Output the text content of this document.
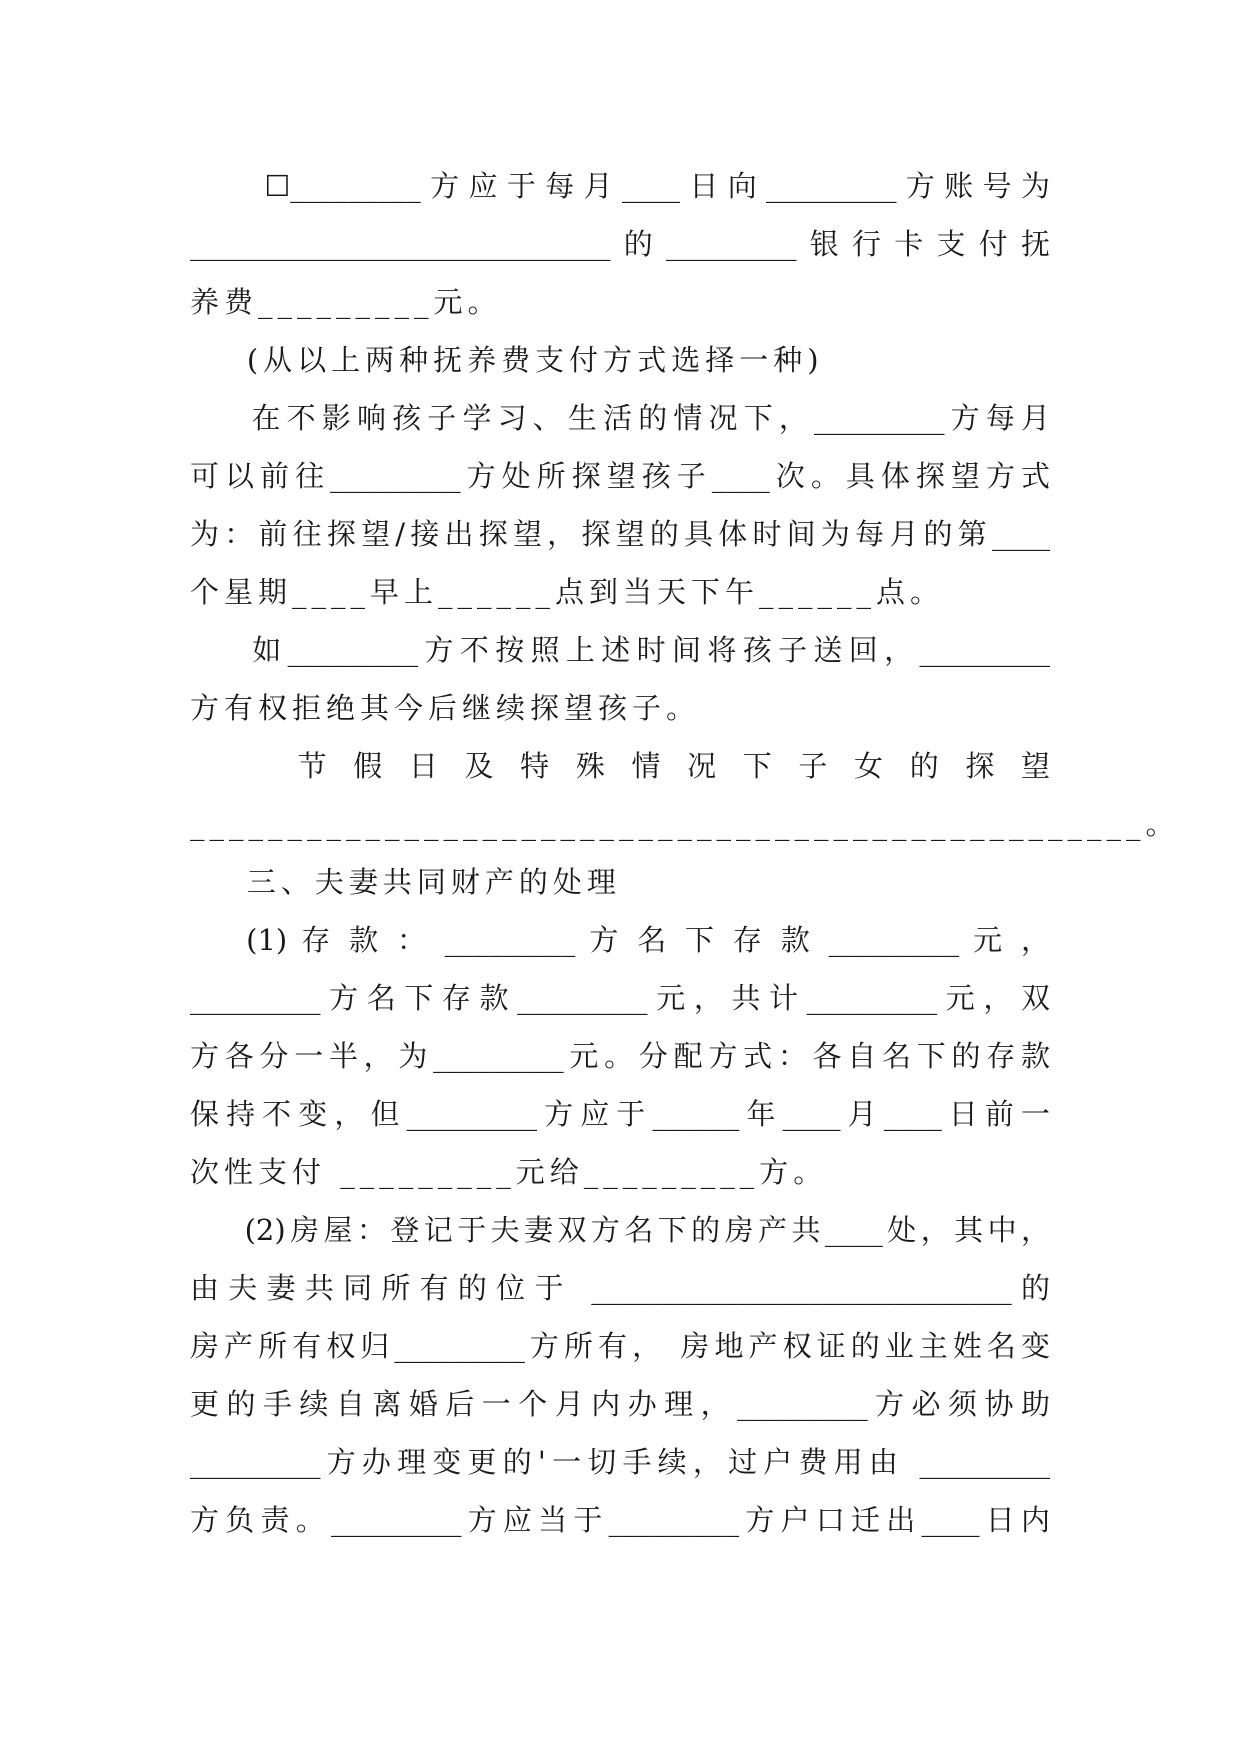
☐_________方应于每月____日向_________方账号为
_____________________________的_________银行卡支付抚
养费_________元。
(从以上两种抚养费支付方式选择一种)
在不影响孩子学习、生活的情况下，_________方每月
可以前往_________方处所探望孩子____次。具体探望方式
为：前往探望/接出探望，探望的具体时间为每月的第____
个星期____早上______点到当天下午______点。
如_________方不按照上述时间将孩子送回，_________
方有权拒绝其今后继续探望孩子。
节 假 日 及 特 殊 情 况 下 子 女 的 探 望
_________________________________________________。
三、夫妻共同财产的处理
(1) 存 款 ： _________ 方 名 下 存 款 _________ 元 ，
_________方名下存款_________元，共计_________元，双
方各分一半，为_________元。分配方式：各自名下的存款
保持不变，但_________方应于______年____月____日前一
次性支付 _________元给_________方。
(2)房屋：登记于夫妻双方名下的房产共____处，其中，
由夫妻共同所有的位于 _____________________________的
房产所有权归_________方所有， 房地产权证的业主姓名变
更的手续自离婚后一个月内办理，_________方必须协助
_________方办理变更的'一切手续，过户费用由 _________
方负责。_________方应当于_________方户口迁出____日内
